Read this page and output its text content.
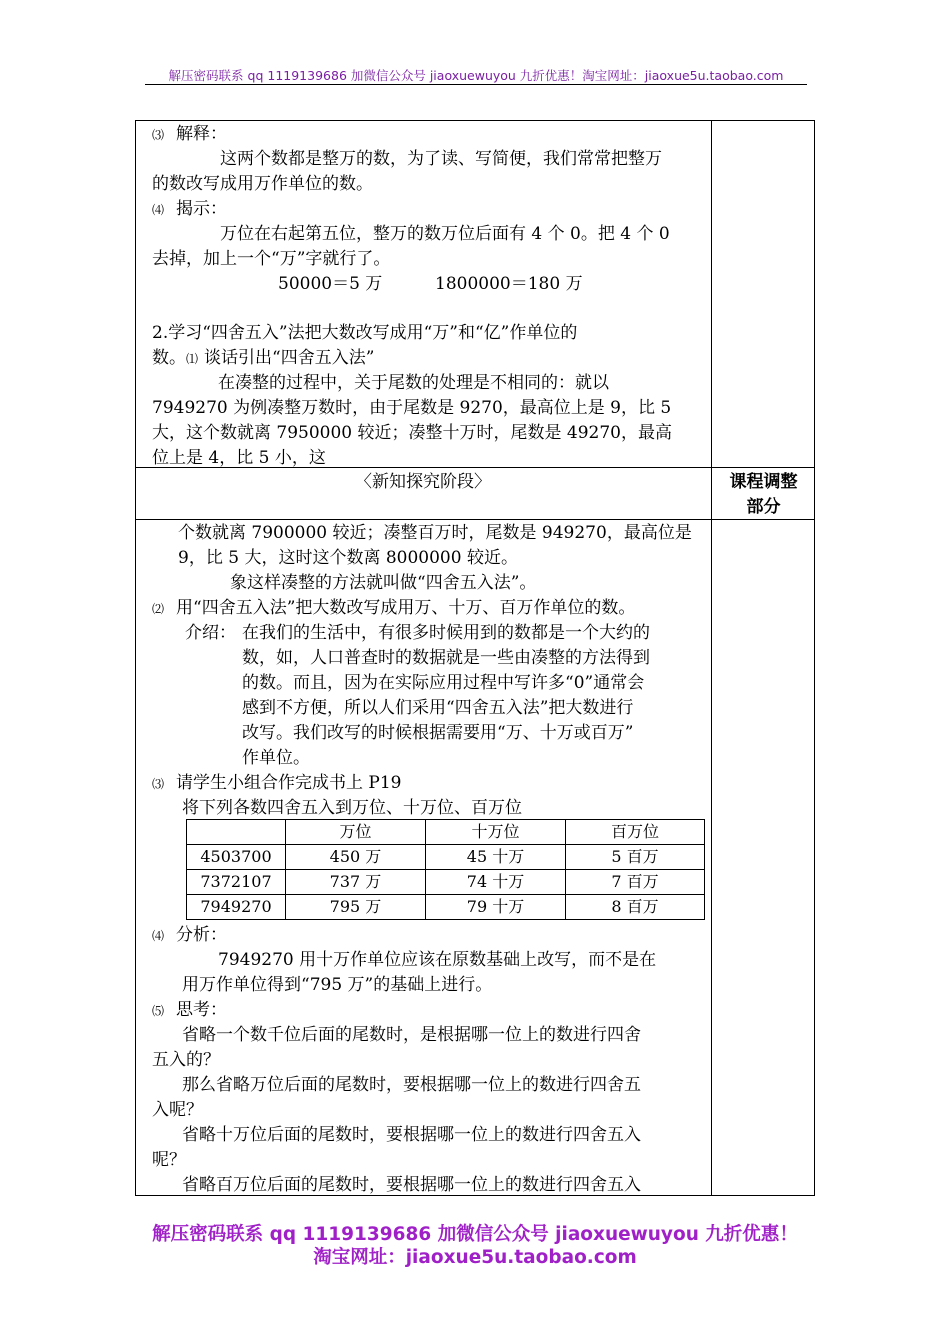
解压密码联系 qq 1119139686 加微信公众号 jiaoxuewuyou 九折优惠！淘宝网址：jiaoxue5u.taobao.com
⑶ 解释：
这两个数都是整万的数，为了读、写简便，我们常常把整万
的数改写成用万作单位的数。
⑷ 揭示：
万位在右起第五位，整万的数万位后面有 4 个 0。把 4 个 0
去掉，加上一个“万”字就行了。
50000＝5 万	1800000＝180 万
2.学习“四舍五入”法把大数改写成用“万”和“亿”作单位的
数。⑴ 谈话引出“四舍五入法”
在凑整的过程中，关于尾数的处理是不相同的：就以
7949270 为例凑整万数时，由于尾数是 9270，最高位上是 9，比 5
大，这个数就离 7950000 较近；凑整十万时，尾数是 49270，最高
位上是 4，比 5 小，这
〈新知探究阶段〉	课程调整
部分
个数就离 7900000 较近；凑整百万时，尾数是 949270，最高位是
9，比 5 大，这时这个数离 8000000 较近。
象这样凑整的方法就叫做“四舍五入法”。
⑵ 用“四舍五入法”把大数改写成用万、十万、百万作单位的数。
介绍： 在我们的生活中，有很多时候用到的数都是一个大约的
数，如，人口普查时的数据就是一些由凑整的方法得到
的数。而且，因为在实际应用过程中写许多“0”通常会
感到不方便，所以人们采用“四舍五入法”把大数进行
改写。我们改写的时候根据需要用“万、十万或百万”
作单位。
⑶ 请学生小组合作完成书上 P19
将下列各数四舍五入到万位、十万位、百万位
	万位	十万位	百万位
4503700	450 万	45 十万	5 百万
7372107	737 万	74 十万	7 百万
7949270	795 万	79 十万	8 百万
⑷ 分析：
7949270 用十万作单位应该在原数基础上改写，而不是在
用万作单位得到“795 万”的基础上进行。
⑸ 思考：
省略一个数千位后面的尾数时，是根据哪一位上的数进行四舍
五入的？
那么省略万位后面的尾数时，要根据哪一位上的数进行四舍五
入呢？
省略十万位后面的尾数时，要根据哪一位上的数进行四舍五入
呢？
省略百万位后面的尾数时，要根据哪一位上的数进行四舍五入
解压密码联系 qq 1119139686 加微信公众号 jiaoxuewuyou 九折优惠！
淘宝网址：jiaoxue5u.taobao.com
